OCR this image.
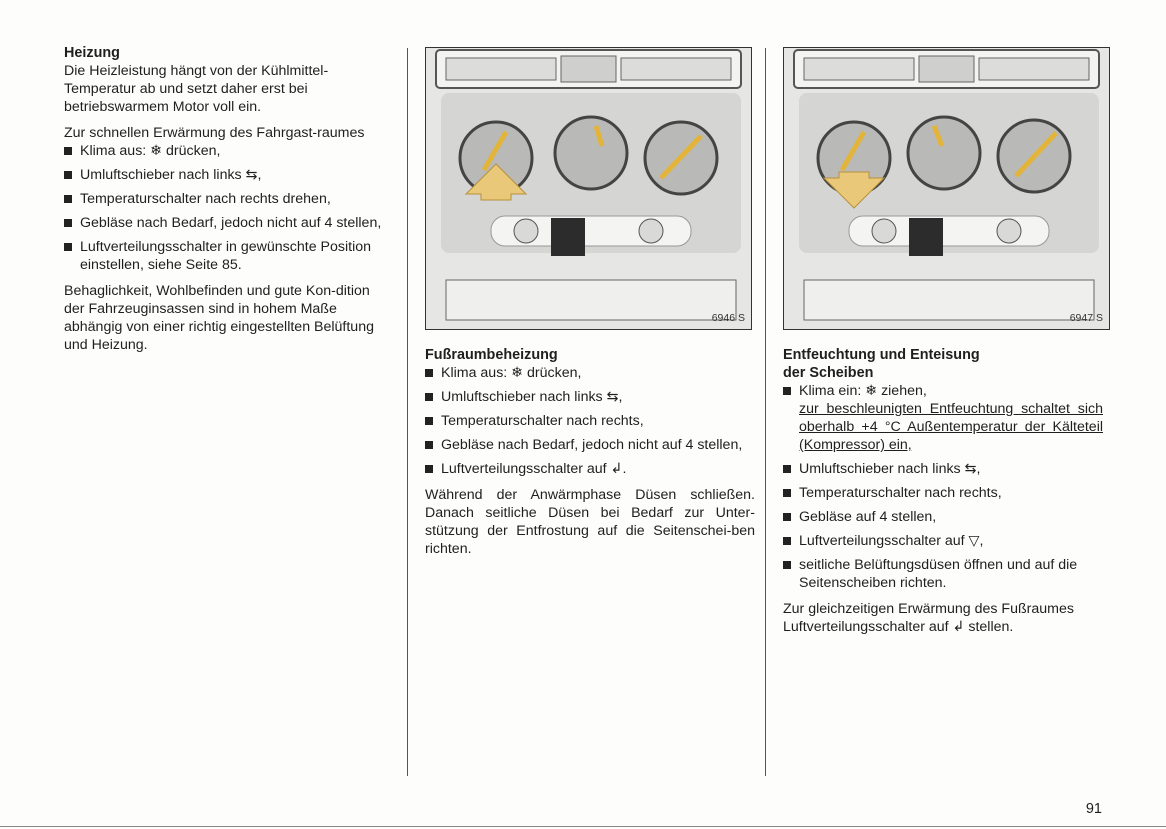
Heizung

Die Heizleistung hängt von der Kühlmittel-Temperatur ab und setzt daher erst bei betriebswarmem Motor voll ein.

Zur schnellen Erwärmung des Fahrgast-raumes

Klima aus: ❄ drücken,
Umluftschieber nach links ⇆,
Temperaturschalter nach rechts drehen,
Gebläse nach Bedarf, jedoch nicht auf 4 stellen,
Luftverteilungsschalter in gewünschte Position einstellen, siehe Seite 85.

Behaglichkeit, Wohlbefinden und gute Kon-dition der Fahrzeuginsassen sind in hohem Maße abhängig von einer richtig eingestellten Belüftung und Heizung.

6946 S	6947 S
Fußraumbeheizung
Klima aus: ❄ drücken,
Umluftschieber nach links ⇆,
Temperaturschalter nach rechts,
Gebläse nach Bedarf, jedoch nicht auf 4 stellen,
Luftverteilungsschalter auf ↲.

Während der Anwärmphase Düsen schließen. Danach seitliche Düsen bei Bedarf zur Unter-stützung der Entfrostung auf die Seitenschei-ben richten.

Entfeuchtung und Enteisung
der Scheiben
Klima ein: ❄ ziehen,
zur beschleunigten Entfeuchtung schaltet sich oberhalb +4 °C Außentemperatur der Kälteteil (Kompressor) ein,
Umluftschieber nach links ⇆,
Temperaturschalter nach rechts,
Gebläse auf 4 stellen,
Luftverteilungsschalter auf ▽,
seitliche Belüftungsdüsen öffnen und auf die Seitenscheiben richten.

Zur gleichzeitigen Erwärmung des Fußraumes Luftverteilungsschalter auf ↲ stellen.

91
